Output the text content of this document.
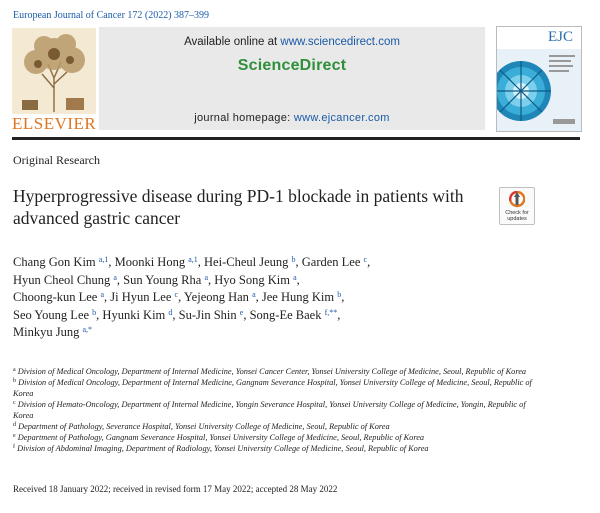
European Journal of Cancer 172 (2022) 387–399
ELSEVIER
Available online at www.sciencedirect.com
ScienceDirect
journal homepage: www.ejcancer.com
EJC
Original Research
Hyperprogressive disease during PD-1 blockade in patients with advanced gastric cancer	Check for updates
Chang Gon Kim $^{a,1}$, Moonki Hong $^{a,1}$, Hei-Cheul Jeung $^b$, Garden Lee $^c$,
Hyun Cheol Chung $^a$, Sun Young Rha $^a$, Hyo Song Kim $^a$,
Choong-kun Lee $^a$, Ji Hyun Lee $^c$, Yejeong Han $^a$, Jee Hung Kim $^b$,
Seo Young Lee $^b$, Hyunki Kim $^d$, Su-Jin Shin $^e$, Song-Ee Baek $^{f,**}$,
Minkyu Jung $^{a,*}$
$^a$ Division of Medical Oncology, Department of Internal Medicine, Yonsei Cancer Center, Yonsei University College of Medicine, Seoul, Republic of Korea
$^b$ Division of Medical Oncology, Department of Internal Medicine, Gangnam Severance Hospital, Yonsei University College of Medicine, Seoul, Republic of Korea
$^c$ Division of Hemato-Oncology, Department of Internal Medicine, Yongin Severance Hospital, Yonsei University College of Medicine, Yongin, Republic of Korea
$^d$ Department of Pathology, Severance Hospital, Yonsei University College of Medicine, Seoul, Republic of Korea
$^e$ Department of Pathology, Gangnam Severance Hospital, Yonsei University College of Medicine, Seoul, Republic of Korea
$^f$ Division of Abdominal Imaging, Department of Radiology, Yonsei University College of Medicine, Seoul, Republic of Korea
Received 18 January 2022; received in revised form 17 May 2022; accepted 28 May 2022
